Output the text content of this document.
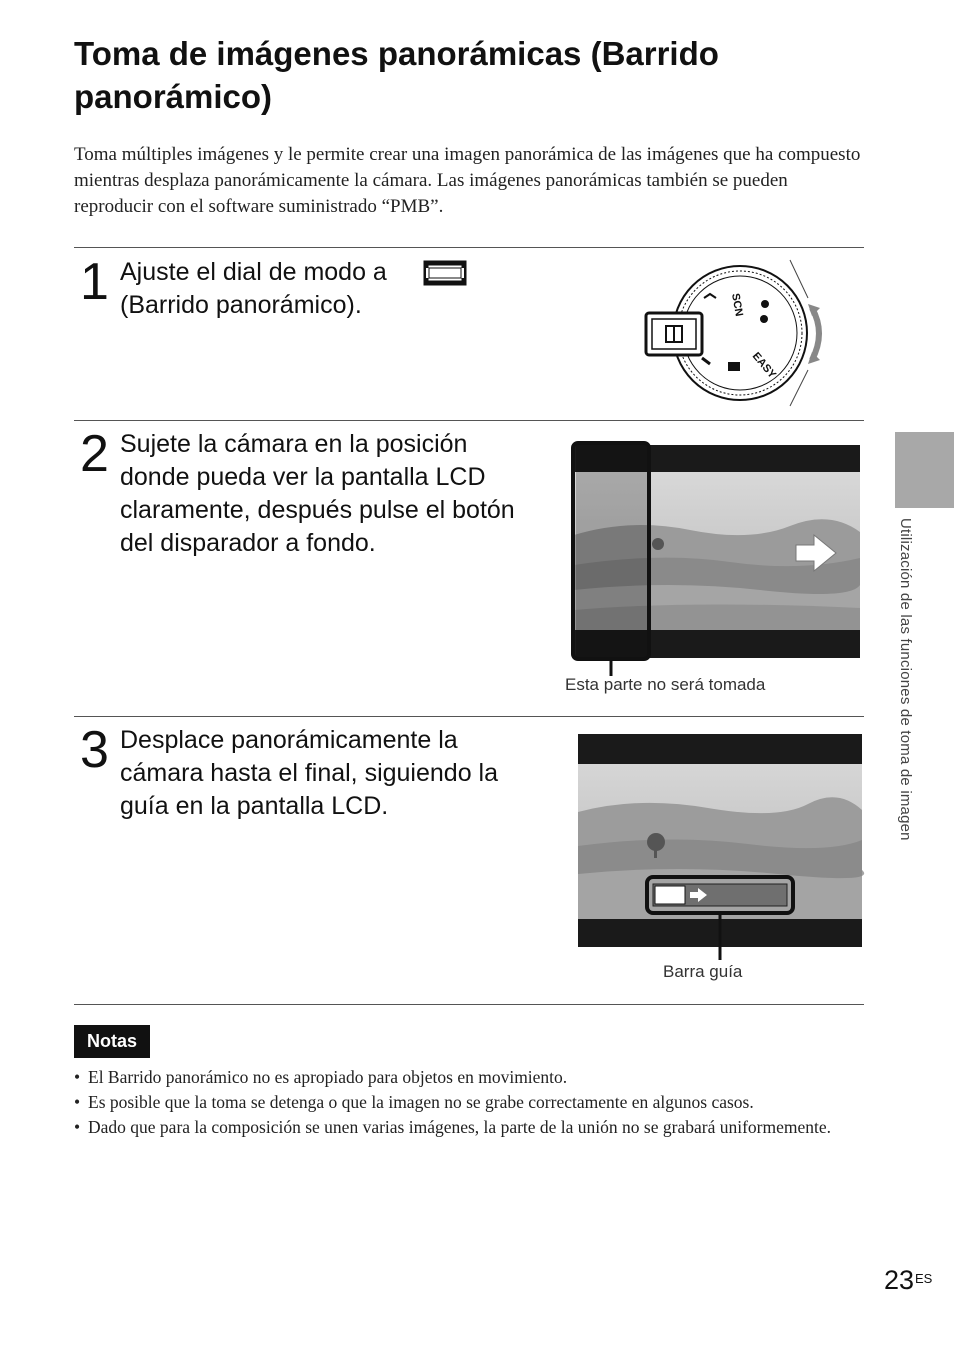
Toma de imágenes panorámicas (Barrido panorámico)

Toma múltiples imágenes y le permite crear una imagen panorámica de las imágenes que ha compuesto mientras desplaza panorámicamente la cámara. Las imágenes panorámicas también se pueden reproducir con el software suministrado “PMB”.

1 Ajuste el dial de modo a
(Barrido panorámico).	SCN
EASY
2 Sujete la cámara en la posición
donde pueda ver la pantalla LCD
claramente, después pulse el botón
del disparador a fondo.
Esta parte no será tomada
3 Desplace panorámicamente la
cámara hasta el final, siguiendo la
guía en la pantalla LCD.
Barra guía
Notas
• El Barrido panorámico no es apropiado para objetos en movimiento.
• Es posible que la toma se detenga o que la imagen no se grabe correctamente en algunos casos.
• Dado que para la composición se unen varias imágenes, la parte de la unión no se grabará uniformemente.
Utilización de las funciones de toma de imagen
23 ES
